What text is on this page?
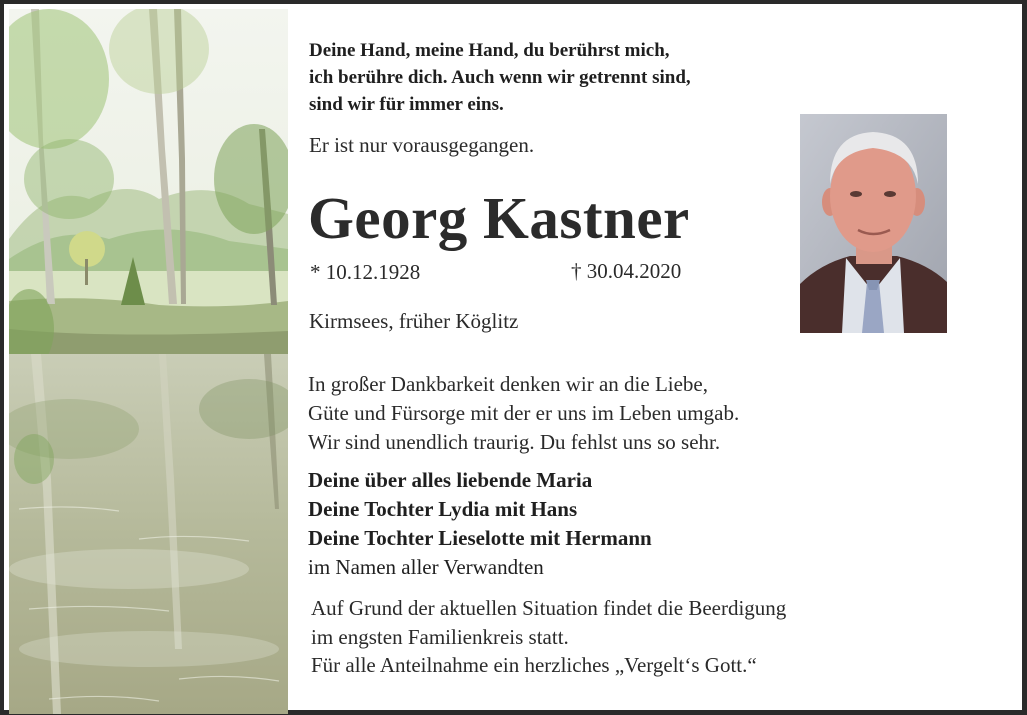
Deine Hand, meine Hand, du berührst mich,
ich berühre dich. Auch wenn wir getrennt sind,
sind wir für immer eins.

Er ist nur vorausgegangen.

Georg Kastner

* 10.12.1928	† 30.04.2020

Kirmsees, früher Köglitz

In großer Dankbarkeit denken wir an die Liebe,
Güte und Fürsorge mit der er uns im Leben umgab.
Wir sind unendlich traurig. Du fehlst uns so sehr.
Deine über alles liebende Maria
Deine Tochter Lydia mit Hans
Deine Tochter Lieselotte mit Hermann
im Namen aller Verwandten
Auf Grund der aktuellen Situation findet die Beerdigung
im engsten Familienkreis statt.
Für alle Anteilnahme ein herzliches „Vergelt‘s Gott.“
